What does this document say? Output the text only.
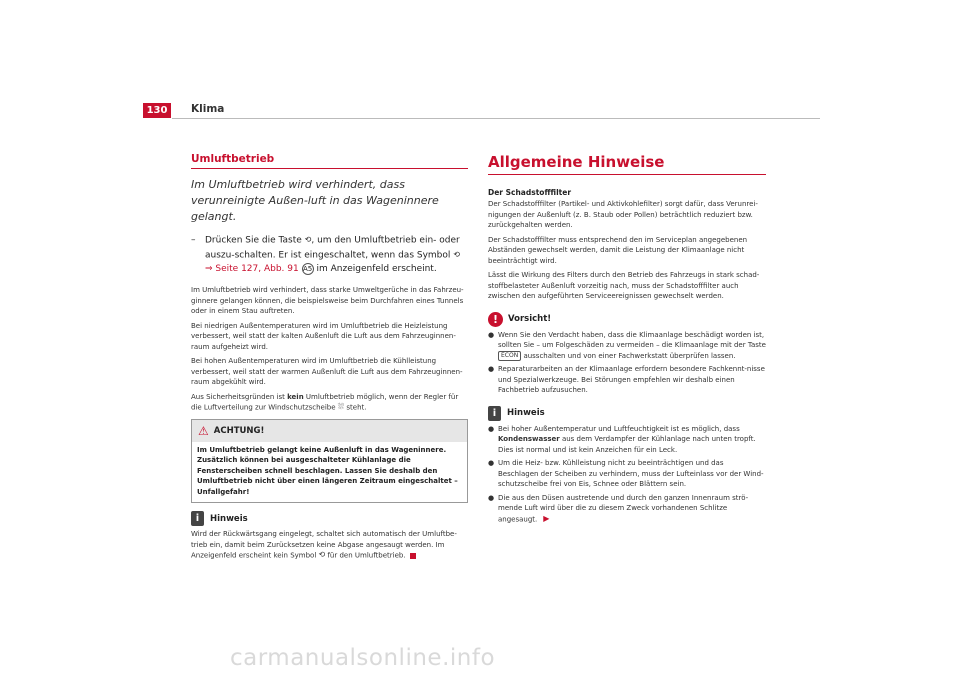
130	Klima
Umluftbetrieb

Im Umluftbetrieb wird verhindert, dass verunreinigte Außen-luft in das Wageninnere gelangt.

–	Drücken Sie die Taste ⟲, um den Umluftbetrieb ein- oder auszu-schalten. Er ist eingeschaltet, wenn das Symbol ⟲ ⇒ Seite 127, Abb. 91 A5 im Anzeigenfeld erscheint.

Im Umluftbetrieb wird verhindert, dass starke Umweltgerüche in das Fahrzeu-ginnere gelangen können, die beispielsweise beim Durchfahren eines Tunnels oder in einem Stau auftreten.

Bei niedrigen Außentemperaturen wird im Umluftbetrieb die Heizleistung verbessert, weil statt der kalten Außenluft die Luft aus dem Fahrzeuginnen-raum aufgeheizt wird.

Bei hohen Außentemperaturen wird im Umluftbetrieb die Kühlleistung verbessert, weil statt der warmen Außenluft die Luft aus dem Fahrzeuginnen-raum abgekühlt wird.

Aus Sicherheitsgründen ist kein Umluftbetrieb möglich, wenn der Regler für die Luftverteilung zur Windschutzscheibe ⛆ steht.

⚠ ACHTUNG!
Im Umluftbetrieb gelangt keine Außenluft in das Wageninnere. Zusätzlich können bei ausgeschalteter Kühlanlage die Fensterscheiben schnell beschlagen. Lassen Sie deshalb den Umluftbetrieb nicht über einen längeren Zeitraum eingeschaltet – Unfallgefahr!
i	Hinweis

Wird der Rückwärtsgang eingelegt, schaltet sich automatisch der Umluftbe-trieb ein, damit beim Zurücksetzen keine Abgase angesaugt werden. Im Anzeigenfeld erscheint kein Symbol ⟲ für den Umluftbetrieb.

Allgemeine Hinweise
Der Schadstofffilter

Der Schadstofffilter (Partikel- und Aktivkohlefilter) sorgt dafür, dass Verunrei-nigungen der Außenluft (z. B. Staub oder Pollen) beträchtlich reduziert bzw. zurückgehalten werden.

Der Schadstofffilter muss entsprechend den im Serviceplan angegebenen Abständen gewechselt werden, damit die Leistung der Klimaanlage nicht beeinträchtigt wird.

Lässt die Wirkung des Filters durch den Betrieb des Fahrzeugs in stark schad-stoffbelasteter Außenluft vorzeitig nach, muss der Schadstofffilter auch zwischen den aufgeführten Serviceereignissen gewechselt werden.

!	Vorsicht!
● Wenn Sie den Verdacht haben, dass die Klimaanlage beschädigt worden ist, sollten Sie – um Folgeschäden zu vermeiden – die Klimaanlage mit der Taste ECON ausschalten und von einer Fachwerkstatt überprüfen lassen.
● Reparaturarbeiten an der Klimaanlage erfordern besondere Fachkennt-nisse und Spezialwerkzeuge. Bei Störungen empfehlen wir deshalb einen Fachbetrieb aufzusuchen.
i	Hinweis
● Bei hoher Außentemperatur und Luftfeuchtigkeit ist es möglich, dass Kondenswasser aus dem Verdampfer der Kühlanlage nach unten tropft. Dies ist normal und ist kein Anzeichen für ein Leck.
● Um die Heiz- bzw. Kühlleistung nicht zu beeinträchtigen und das Beschlagen der Scheiben zu verhindern, muss der Lufteinlass vor der Wind-schutzscheibe frei von Eis, Schnee oder Blättern sein.
● Die aus den Düsen austretende und durch den ganzen Innenraum strö-mende Luft wird über die zu diesem Zweck vorhandenen Schlitze angesaugt. ▶
carmanualsonline.info
